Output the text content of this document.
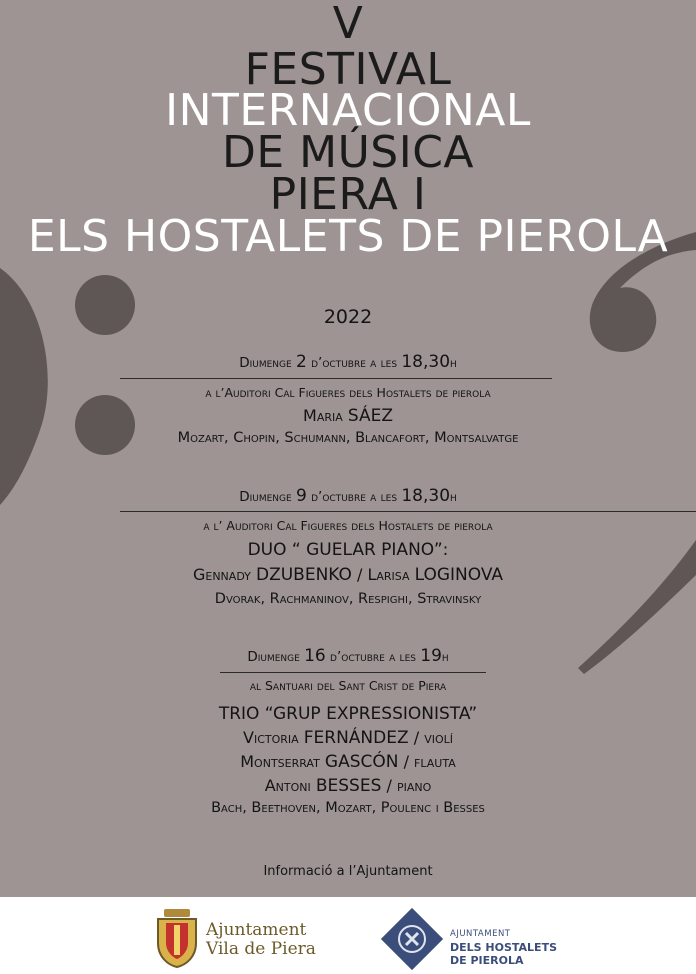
V
FESTIVAL
INTERNACIONAL
DE MÚSICA
PIERA I
ELS HOSTALETS DE PIEROLA
2022
Diumenge 2 d’octubre a les 18,30h
a l’Auditori Cal Figueres dels Hostalets de pierola
Maria SÁEZ
Mozart, Chopin, Schumann, Blancafort, Montsalvatge
Diumenge 9 d’octubre a les 18,30h
a l’ Auditori Cal Figueres dels Hostalets de pierola
DUO “ GUELAR PIANO”:
Gennady DZUBENKO / Larisa LOGINOVA
Dvorak, Rachmaninov, Respighi, Stravinsky
Diumenge 16 d’octubre a les 19h
al Santuari del Sant Crist de Piera
TRIO “GRUP EXPRESSIONISTA”
Victoria FERNÁNDEZ / violí
Montserrat GASCÓN / flauta
Antoni BESSES / piano
Bach, Beethoven, Mozart, Poulenc i Besses
Informació a l’Ajuntament
Ajuntament
Vila de Piera
AJUNTAMENT
DELS HOSTALETS
DE PIEROLA
